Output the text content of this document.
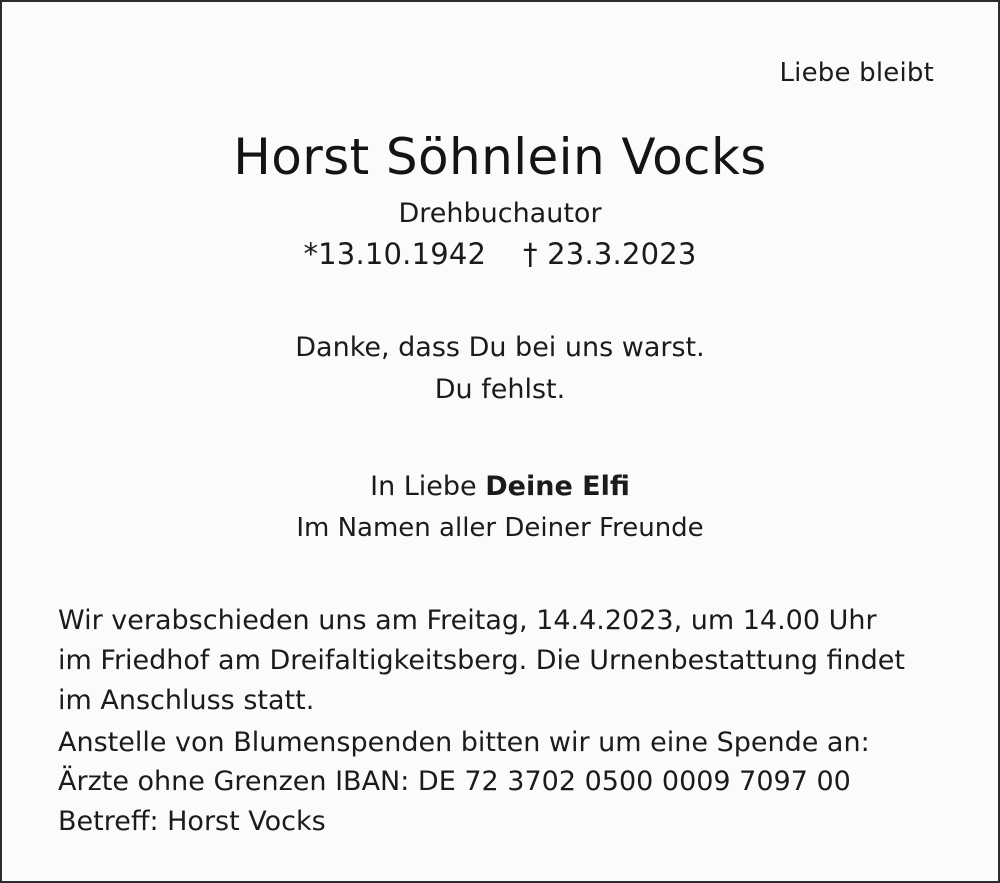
Liebe bleibt
Horst Söhnlein Vocks
Drehbuchautor
*13.10.1942 † 23.3.2023
Danke, dass Du bei uns warst.
Du fehlst.
In Liebe Deine Elfi
Im Namen aller Deiner Freunde

Wir verabschieden uns am Freitag, 14.4.2023, um 14.00 Uhr

im Friedhof am Dreifaltigkeitsberg. Die Urnenbestattung findet

im Anschluss statt.

Anstelle von Blumenspenden bitten wir um eine Spende an:

Ärzte ohne Grenzen IBAN: DE 72 3702 0500 0009 7097 00

Betreff: Horst Vocks
